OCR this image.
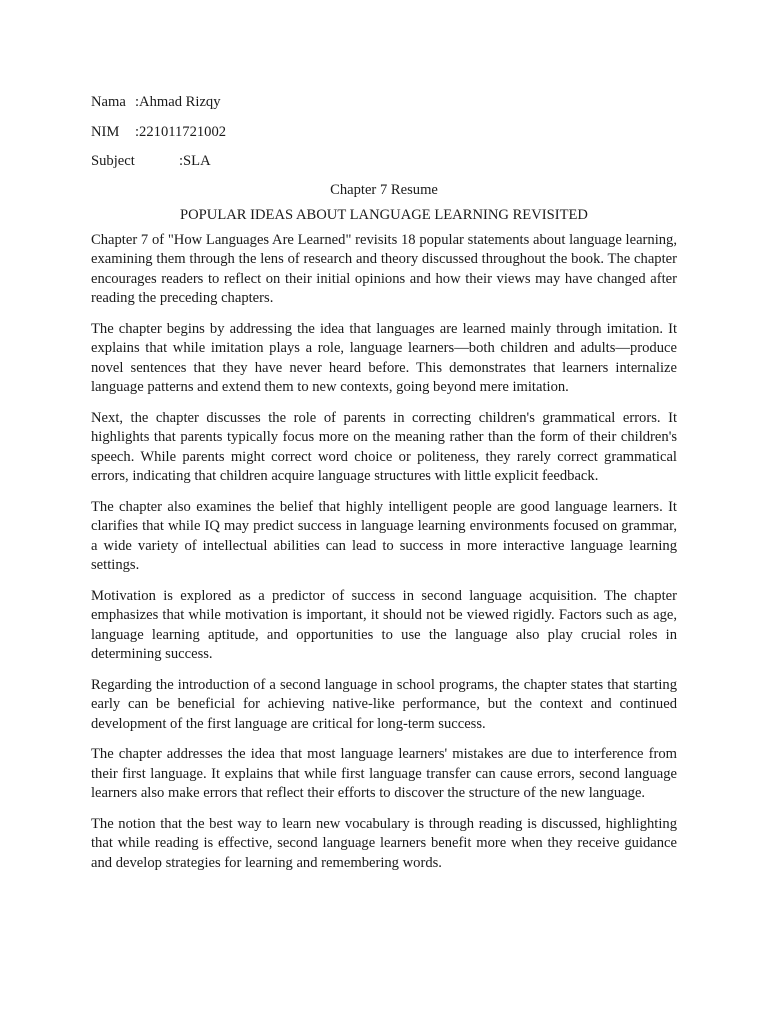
Nama :Ahmad Rizqy
NIM :221011721002
Subject	:SLA
Chapter 7 Resume
POPULAR IDEAS ABOUT LANGUAGE LEARNING REVISITED

Chapter 7 of "How Languages Are Learned" revisits 18 popular statements about language learning, examining them through the lens of research and theory discussed throughout the book. The chapter encourages readers to reflect on their initial opinions and how their views may have changed after reading the preceding chapters.

The chapter begins by addressing the idea that languages are learned mainly through imitation. It explains that while imitation plays a role, language learners—both children and adults—produce novel sentences that they have never heard before. This demonstrates that learners internalize language patterns and extend them to new contexts, going beyond mere imitation.

Next, the chapter discusses the role of parents in correcting children's grammatical errors. It highlights that parents typically focus more on the meaning rather than the form of their children's speech. While parents might correct word choice or politeness, they rarely correct grammatical errors, indicating that children acquire language structures with little explicit feedback.

The chapter also examines the belief that highly intelligent people are good language learners. It clarifies that while IQ may predict success in language learning environments focused on grammar, a wide variety of intellectual abilities can lead to success in more interactive language learning settings.

Motivation is explored as a predictor of success in second language acquisition. The chapter emphasizes that while motivation is important, it should not be viewed rigidly. Factors such as age, language learning aptitude, and opportunities to use the language also play crucial roles in determining success.

Regarding the introduction of a second language in school programs, the chapter states that starting early can be beneficial for achieving native-like performance, but the context and continued development of the first language are critical for long-term success.

The chapter addresses the idea that most language learners' mistakes are due to interference from their first language. It explains that while first language transfer can cause errors, second language learners also make errors that reflect their efforts to discover the structure of the new language.

The notion that the best way to learn new vocabulary is through reading is discussed, highlighting that while reading is effective, second language learners benefit more when they receive guidance and develop strategies for learning and remembering words.
